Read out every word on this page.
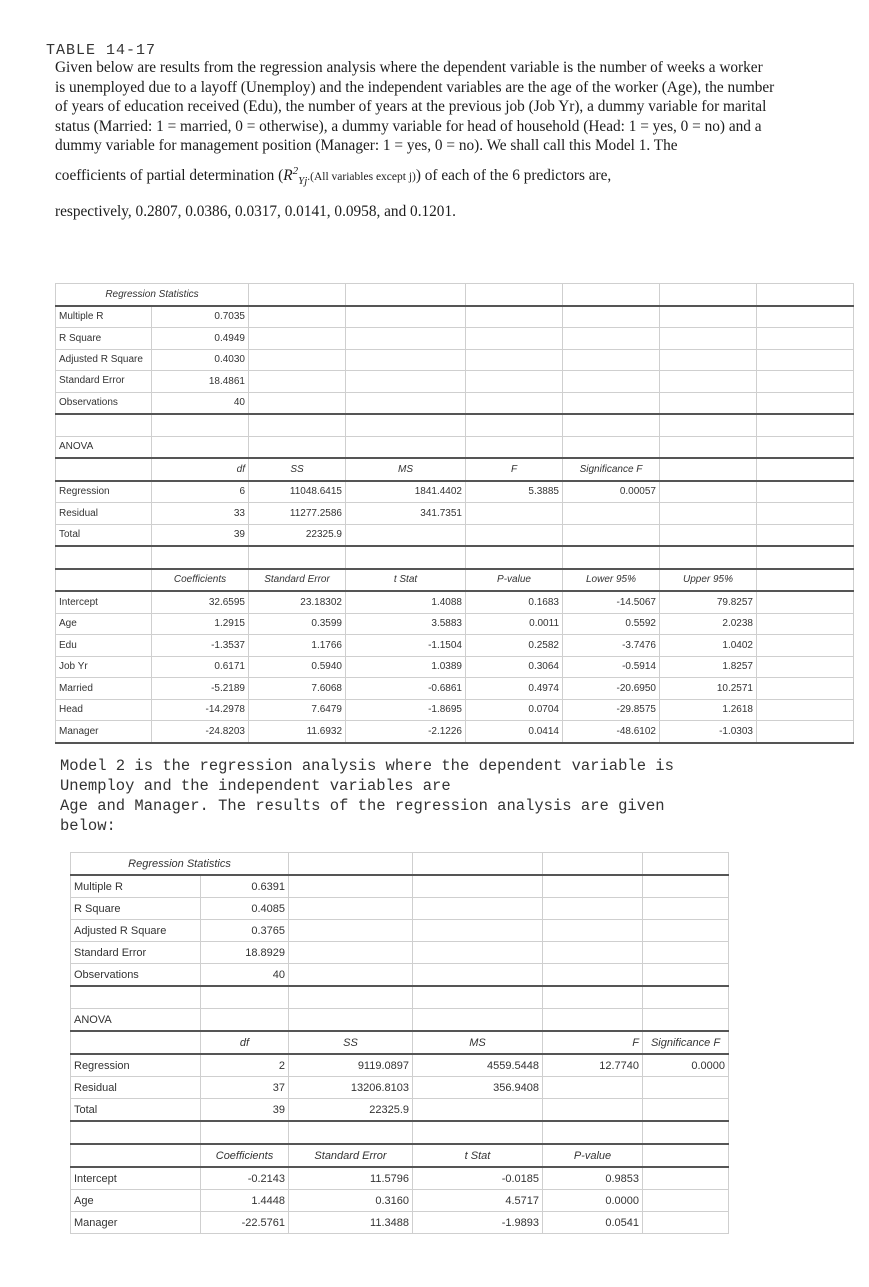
TABLE 14-17

Given below are results from the regression analysis where the dependent variable is the number of weeks a worker is unemployed due to a layoff (Unemploy) and the independent variables are the age of the worker (Age), the number of years of education received (Edu), the number of years at the previous job (Job Yr), a dummy variable for marital status (Married: 1 = married, 0 = otherwise), a dummy variable for head of household (Head: 1 = yes, 0 = no) and a dummy variable for management position (Manager: 1 = yes, 0 = no). We shall call this Model 1. The

coefficients of partial determination ($R^2_{Yj}.(All$ variables except j)) of each of the 6 predictors are,

respectively, 0.2807, 0.0386, 0.0317, 0.0141, 0.0958, and 0.1201.

Regression Statistics							
Multiple R	0.7035						
R Square	0.4949						
Adjusted R Square	0.4030						
Standard Error	18.4861						
Observations	40						

ANOVA							
	df	SS	MS	F	Significance F		
Regression	6	11048.6415	1841.4402	5.3885	0.00057		
Residual	33	11277.2586	341.7351				
Total	39	22325.9					

	Coefficients	Standard Error	t Stat	P-value	Lower 95%	Upper 95%	
Intercept	32.6595	23.18302	1.4088	0.1683	-14.5067	79.8257	
Age	1.2915	0.3599	3.5883	0.0011	0.5592	2.0238	
Edu	-1.3537	1.1766	-1.1504	0.2582	-3.7476	1.0402	
Job Yr	0.6171	0.5940	1.0389	0.3064	-0.5914	1.8257	
Married	-5.2189	7.6068	-0.6861	0.4974	-20.6950	10.2571	
Head	-14.2978	7.6479	-1.8695	0.0704	-29.8575	1.2618	
Manager	-24.8203	11.6932	-2.1226	0.0414	-48.6102	-1.0303	

Model 2 is the regression analysis where the dependent variable is

Unemploy and the independent variables are

Age and Manager. The results of the regression analysis are given

below:

Regression Statistics					
Multiple R	0.6391				
R Square	0.4085				
Adjusted R Square	0.3765				
Standard Error	18.8929				
Observations	40				

ANOVA					
	df	SS	MS	F	Significance F
Regression	2	9119.0897	4559.5448	12.7740	0.0000
Residual	37	13206.8103	356.9408		
Total	39	22325.9			

	Coefficients	Standard Error	t Stat	P-value	
Intercept	-0.2143	11.5796	-0.0185	0.9853	
Age	1.4448	0.3160	4.5717	0.0000	
Manager	-22.5761	11.3488	-1.9893	0.0541	
